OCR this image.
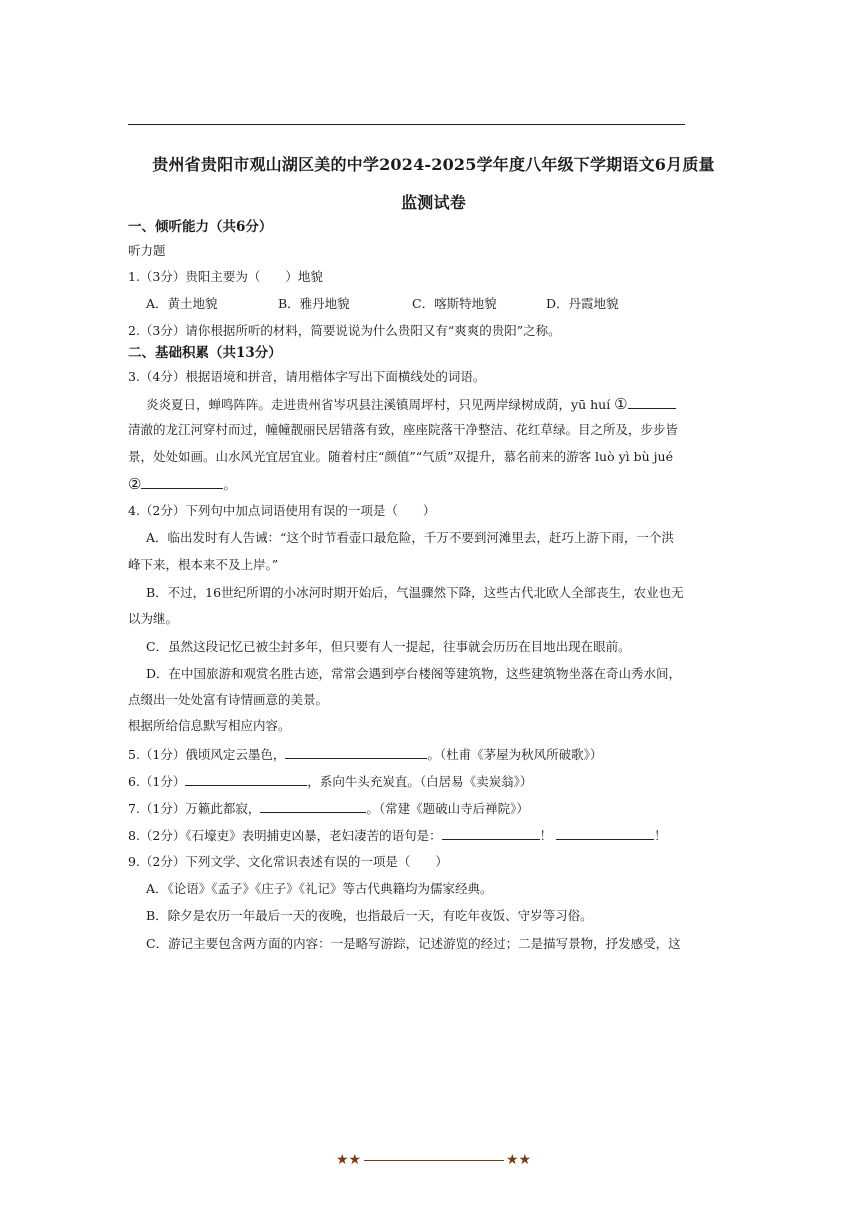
贵州省贵阳市观山湖区美的中学2024-2025学年度八年级下学期语文6月质量
监测试卷
一、倾听能力（共6分）
听力题
1.（3分）贵阳主要为（　　）地貌
A．黄土地貌	B．雅丹地貌	C．喀斯特地貌	D．丹霞地貌
2.（3分）请你根据所听的材料，简要说说为什么贵阳又有“爽爽的贵阳”之称。
二、基础积累（共13分）
3.（4分）根据语境和拼音，请用楷体字写出下面横线处的词语。
炎炎夏日，蝉鸣阵阵。走进贵州省岑巩县注溪镇周坪村，只见两岸绿树成荫，yū huí ①
清澈的龙江河穿村而过，幢幢靓丽民居错落有致，座座院落干净整洁、花红草绿。目之所及，步步皆
景，处处如画。山水风光宜居宜业。随着村庄“颜值”“气质”双提升，慕名前来的游客 luò yì bù jué
②	。
4.（2分）下列句中加点词语使用有误的一项是（　　）
A．临出发时有人告诫：“这个时节看壶口最危险，千万不要到河滩里去，赶巧上游下雨，一个洪
峰下来，根本来不及上岸。”
B．不过，16世纪所谓的小冰河时期开始后，气温骤然下降，这些古代北欧人全部丧生，农业也无
以为继。
C．虽然这段记忆已被尘封多年，但只要有人一提起，往事就会历历在目地出现在眼前。
D．在中国旅游和观赏名胜古迹，常常会遇到亭台楼阁等建筑物，这些建筑物坐落在奇山秀水间，
点缀出一处处富有诗情画意的美景。
根据所给信息默写相应内容。
5.（1分）俄顷风定云墨色，	。（杜甫《茅屋为秋风所破歌》）
6.（1分）	，系向牛头充炭直。（白居易《卖炭翁》）
7.（1分）万籁此都寂，	。（常建《题破山寺后禅院》）
8.（2分）《石壕吏》表明捕吏凶暴，老妇凄苦的语句是：	！	！
9.（2分）下列文学、文化常识表述有误的一项是（　　）
A．《论语》《孟子》《庄子》《礼记》等古代典籍均为儒家经典。
B．除夕是农历一年最后一天的夜晚，也指最后一天，有吃年夜饭、守岁等习俗。
C．游记主要包含两方面的内容：一是略写游踪，记述游览的经过；二是描写景物，抒发感受，这
★★	★★
